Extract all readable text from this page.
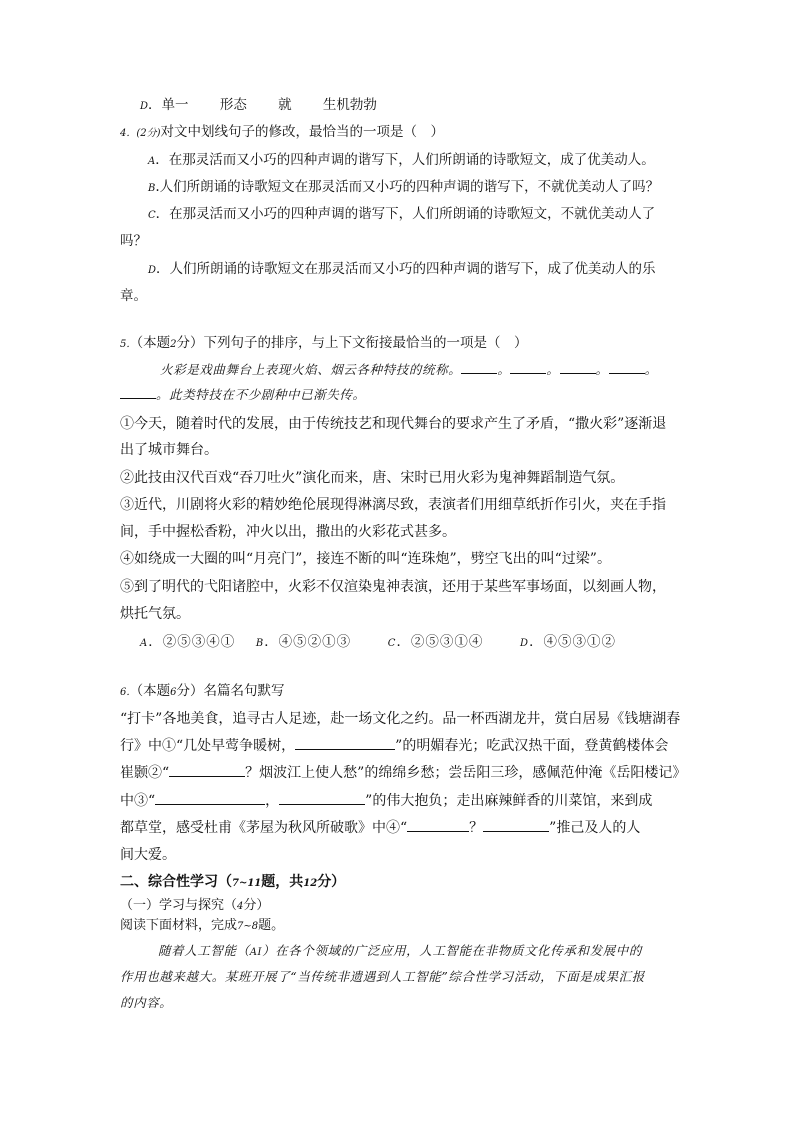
D．单一 　　形态 　　就 　　生机勃勃
4．(2分)对文中划线句子的修改，最恰当的一项是（　）
A．在那灵活而又小巧的四种声调的谐写下，人们所朗诵的诗歌短文，成了优美动人。
B.人们所朗诵的诗歌短文在那灵活而又小巧的四种声调的谐写下，不就优美动人了吗？
C．在那灵活而又小巧的四种声调的谐写下，人们所朗诵的诗歌短文，不就优美动人了
吗？
D．人们所朗诵的诗歌短文在那灵活而又小巧的四种声调的谐写下，成了优美动人的乐
章。
5．（本题2分）下列句子的排序，与上下文衔接最恰当的一项是（　）
火彩是戏曲舞台上表现火焰、烟云各种特技的统称。	。	。	。	。
。此类特技在不少剧种中已渐失传。
①今天，随着时代的发展，由于传统技艺和现代舞台的要求产生了矛盾，“撒火彩”逐渐退
出了城市舞台。
②此技由汉代百戏“吞刀吐火”演化而来，唐、宋时已用火彩为鬼神舞蹈制造气氛。
③近代，川剧将火彩的精妙绝伦展现得淋漓尽致，表演者们用细草纸折作引火，夹在手指
间，手中握松香粉，冲火以出，撒出的火彩花式甚多。
④如绕成一大圈的叫“月亮门”，接连不断的叫“连珠炮”，劈空飞出的叫“过梁”。
⑤到了明代的弋阳诸腔中，火彩不仅渲染鬼神表演，还用于某些军事场面，以刻画人物，
烘托气氛。
A．②⑤③④① B．④⑤②①③	C．②⑤③①④	D．④⑤③①②
6．（本题6分）名篇名句默写
“打卡”各地美食，追寻古人足迹，赴一场文化之约。品一杯西湖龙井，赏白居易《钱塘湖春
行》中①“几处早莺争暖树，	”的明媚春光；吃武汉热干面，登黄鹤楼体会
崔颢②“	？烟波江上使人愁”的绵绵乡愁；尝岳阳三珍，感佩范仲淹《岳阳楼记》
中③“	，	”的伟大抱负；走出麻辣鲜香的川菜馆，来到成
都草堂，感受杜甫《茅屋为秋风所破歌》中④“	？	”推己及人的人
间大爱。
二、综合性学习（7~11题，共12分）
（一）学习与探究（4分）
阅读下面材料，完成7~8题。
随着人工智能（AI）在各个领域的广泛应用，人工智能在非物质文化传承和发展中的
作用也越来越大。某班开展了“当传统非遗遇到人工智能”综合性学习活动，下面是成果汇报
的内容。
